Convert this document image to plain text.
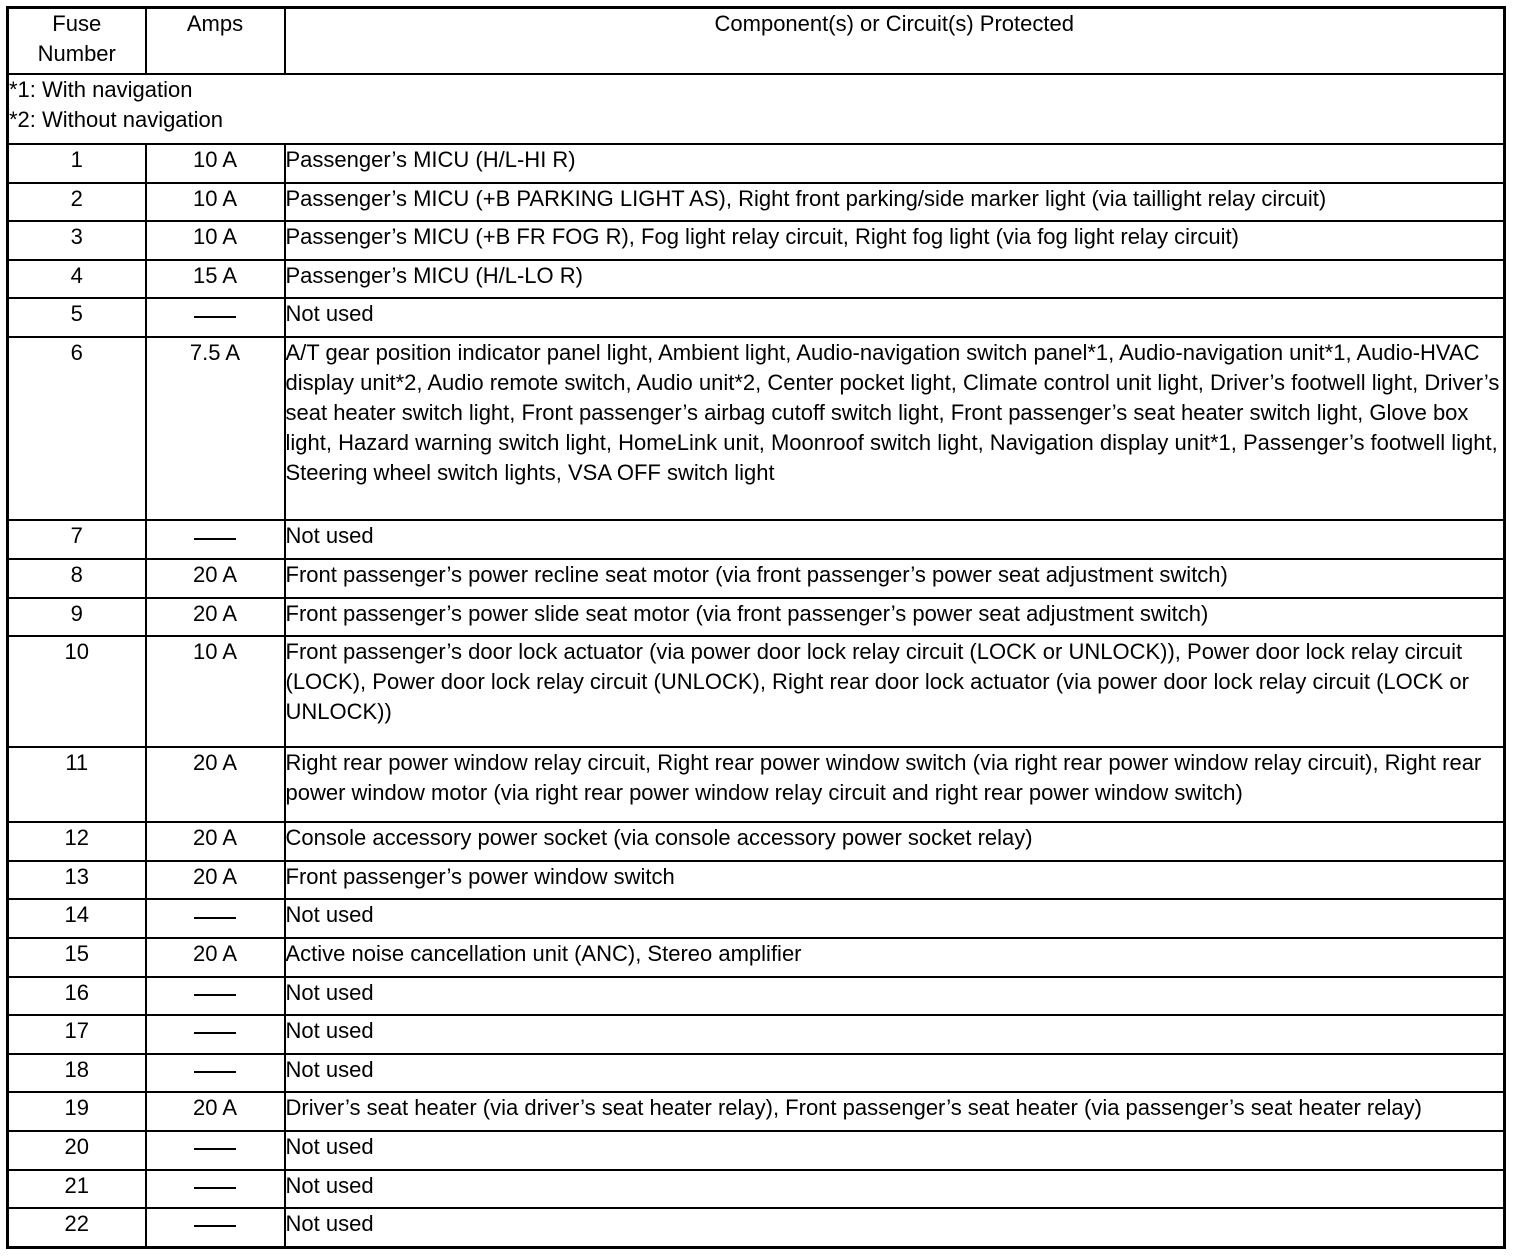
Fuse
Number	Amps	Component(s) or Circuit(s) Protected

*1: With navigation
*2: Without navigation		

1	10 A	Passenger’s MICU (H/L-HI R)
2	10 A	Passenger’s MICU (+B PARKING LIGHT AS), Right front parking/side marker light (via taillight relay circuit)
3	10 A	Passenger’s MICU (+B FR FOG R), Fog light relay circuit, Right fog light (via fog light relay circuit)
4	15 A	Passenger’s MICU (H/L-LO R)
5		Not used
6	7.5 A	A/T gear position indicator panel light, Ambient light, Audio-navigation switch panel*1, Audio-navigation unit*1, Audio-HVAC display unit*2, Audio remote switch, Audio unit*2, Center pocket light, Climate control unit light, Driver’s footwell light, Driver’s seat heater switch light, Front passenger’s airbag cutoff switch light, Front passenger’s seat heater switch light, Glove box light, Hazard warning switch light, HomeLink unit, Moonroof switch light, Navigation display unit*1, Passenger’s footwell light, Steering wheel switch lights, VSA OFF switch light
7		Not used
8	20 A	Front passenger’s power recline seat motor (via front passenger’s power seat adjustment switch)
9	20 A	Front passenger’s power slide seat motor (via front passenger’s power seat adjustment switch)
10	10 A	Front passenger’s door lock actuator (via power door lock relay circuit (LOCK or UNLOCK)), Power door lock relay circuit (LOCK), Power door lock relay circuit (UNLOCK), Right rear door lock actuator (via power door lock relay circuit (LOCK or UNLOCK))
11	20 A	Right rear power window relay circuit, Right rear power window switch (via right rear power window relay circuit), Right rear power window motor (via right rear power window relay circuit and right rear power window switch)
12	20 A	Console accessory power socket (via console accessory power socket relay)
13	20 A	Front passenger’s power window switch
14		Not used
15	20 A	Active noise cancellation unit (ANC), Stereo amplifier
16		Not used
17		Not used
18		Not used
19	20 A	Driver’s seat heater (via driver’s seat heater relay), Front passenger’s seat heater (via passenger’s seat heater relay)
20		Not used
21		Not used
22		Not used
